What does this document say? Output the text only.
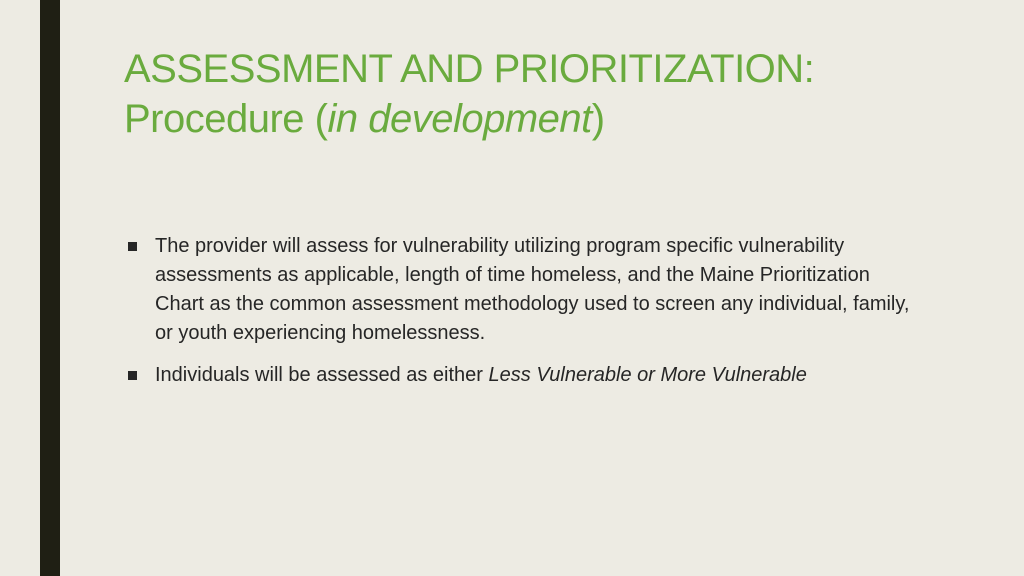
ASSESSMENT AND PRIORITIZATION:
Procedure (in development)
The provider will assess for vulnerability utilizing program specific vulnerability assessments as applicable, length of time homeless, and the Maine Prioritization Chart as the common assessment methodology used to screen any individual, family, or youth experiencing homelessness.
Individuals will be assessed as either Less Vulnerable or More Vulnerable
